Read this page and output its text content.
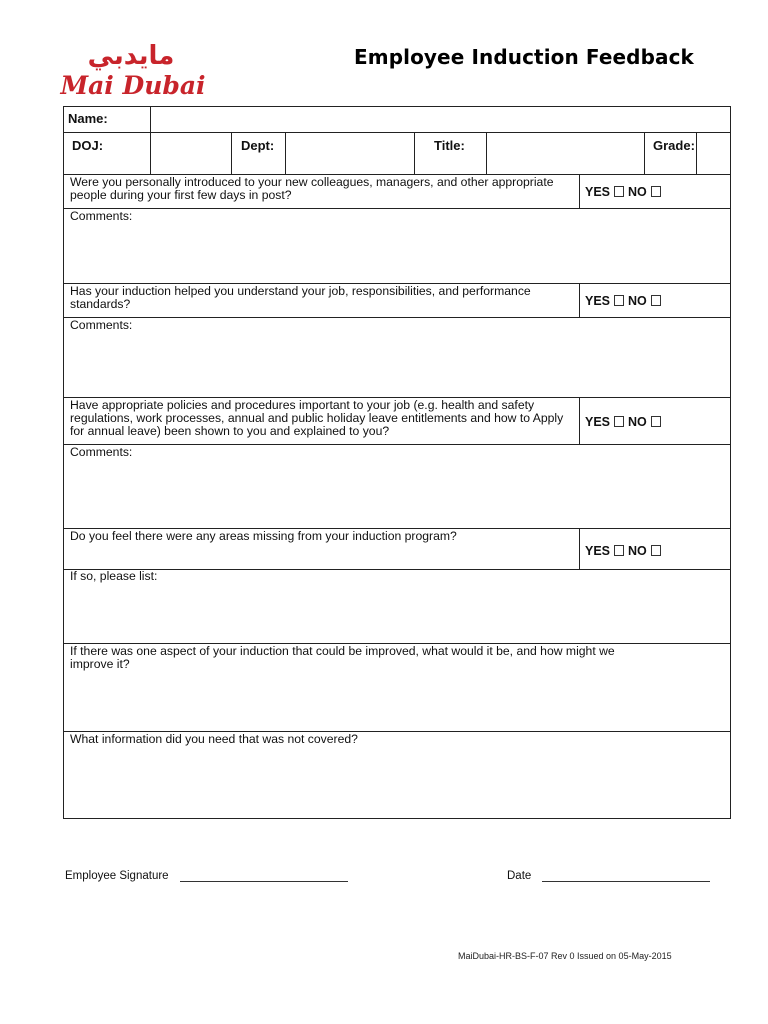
مايدبي
Mai Dubai
Employee Induction Feedback
Name:
DOJ:	Dept:	Title:	Grade:
Were you personally introduced to your new colleagues, managers, and other appropriate people during your first few days in post?	YES NO
Comments:
Has your induction helped you understand your job, responsibilities, and performance standards?	YES NO
Comments:
Have appropriate policies and procedures important to your job (e.g. health and safety regulations, work processes, annual and public holiday leave entitlements and how to Apply for annual leave) been shown to you and explained to you?
YES NO
Comments:
Do you feel there were any areas missing from your induction program?
YES NO
If so, please list:
If there was one aspect of your induction that could be improved, what would it be, and how might we improve it?
What information did you need that was not covered?
Employee Signature	Date
MaiDubai-HR-BS-F-07 Rev 0 Issued on 05-May-2015
